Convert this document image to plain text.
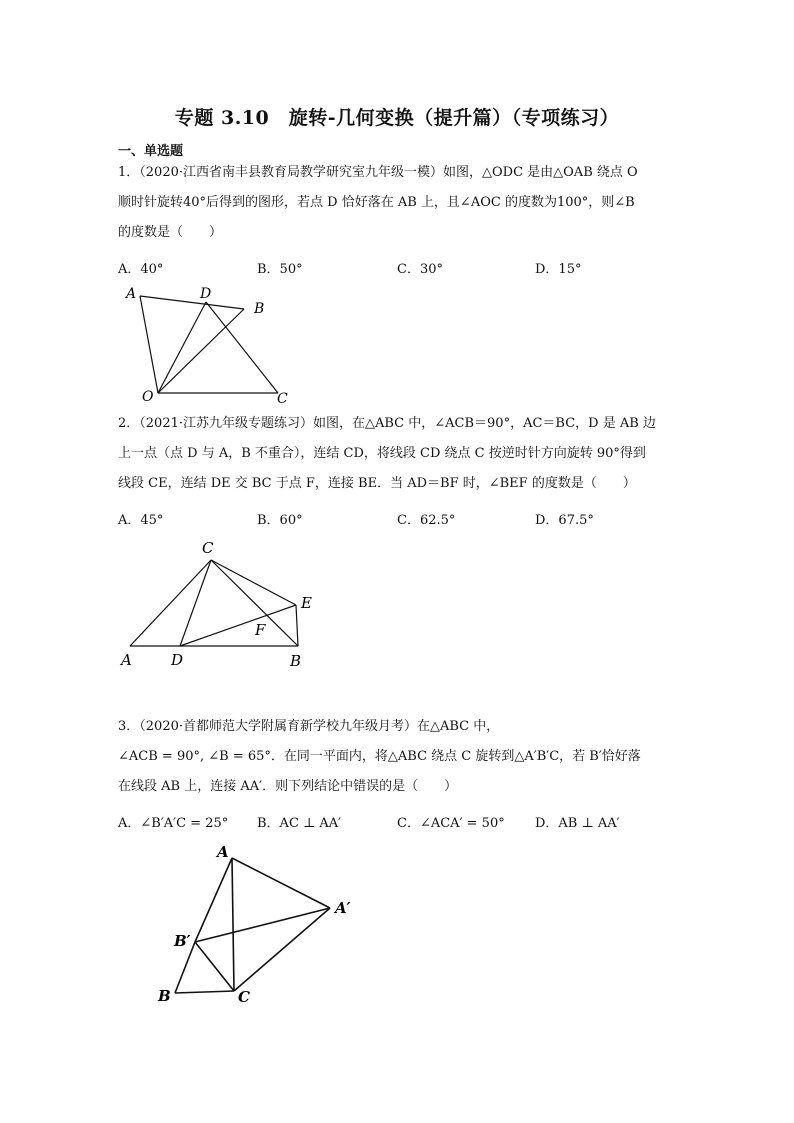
专题 3.10　旋转-几何变换（提升篇）（专项练习）
一、单选题
1．（2020·江西省南丰县教育局教学研究室九年级一模）如图，△ODC 是由△OAB 绕点 O
顺时针旋转40°后得到的图形，若点 D 恰好落在 AB 上，且∠AOC 的度数为100°，则∠B
的度数是（　　）
A．40°	B．50°	C．30°	D．15°
A	D
B
O	C
2．（2021·江苏九年级专题练习）如图，在△ABC 中，∠ACB＝90°，AC＝BC，D 是 AB 边
上一点（点 D 与 A，B 不重合），连结 CD，将线段 CD 绕点 C 按逆时针方向旋转 90°得到
线段 CE，连结 DE 交 BC 于点 F，连接 BE．当 AD＝BF 时，∠BEF 的度数是（　　）
A．45°	B．60°	C．62.5°	D．67.5°
C
E
F
A	D	B
3．（2020·首都师范大学附属育新学校九年级月考）在△ABC 中，
∠ACB = 90°, ∠B = 65°．在同一平面内，将△ABC 绕点 C 旋转到△A′B′C，若 B′恰好落
在线段 AB 上，连接 AA′．则下列结论中错误的是（　　）
A．∠B′A′C = 25° B．AC ⊥ AA′	C．∠ACA′ = 50° D．AB ⊥ AA′
A
A′
B′
B	C
